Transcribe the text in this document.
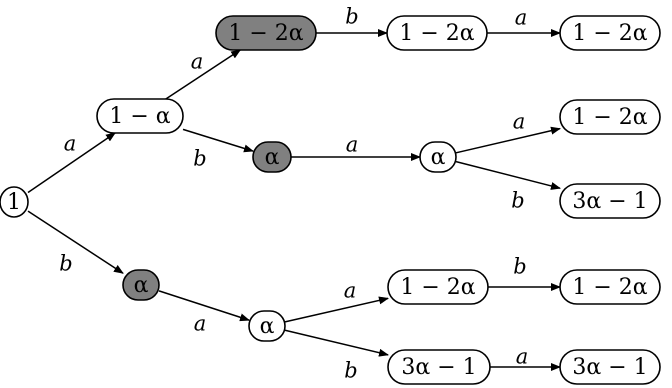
a
b
a
b
b	a
a
a
b
a
a
b
b
a
1
1 − α
α
1 − 2α
α
α
1 − 2α
α
1 − 2α
3α − 1
1 − 2α
1 − 2α
1 − 2α
3α − 1	3α − 1
